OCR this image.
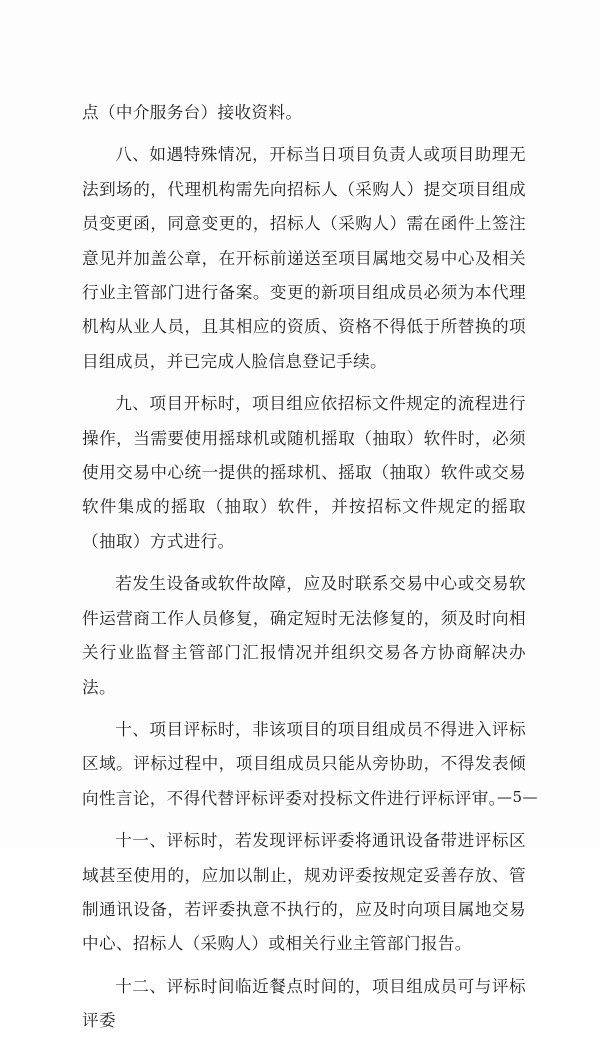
点（中介服务台）接收资料。

八、如遇特殊情况，开标当日项目负责人或项目助理无法到场的，代理机构需先向招标人（采购人）提交项目组成员变更函，同意变更的，招标人（采购人）需在函件上签注意见并加盖公章，在开标前递送至项目属地交易中心及相关行业主管部门进行备案。变更的新项目组成员必须为本代理机构从业人员，且其相应的资质、资格不得低于所替换的项目组成员，并已完成人脸信息登记手续。

九、项目开标时，项目组应依招标文件规定的流程进行操作，当需要使用摇球机或随机摇取（抽取）软件时，必须使用交易中心统一提供的摇球机、摇取（抽取）软件或交易软件集成的摇取（抽取）软件，并按招标文件规定的摇取（抽取）方式进行。

若发生设备或软件故障，应及时联系交易中心或交易软件运营商工作人员修复，确定短时无法修复的，须及时向相关行业监督主管部门汇报情况并组织交易各方协商解决办法。

十、项目评标时，非该项目的项目组成员不得进入评标区域。评标过程中，项目组成员只能从旁协助，不得发表倾向性言论，不得代替评标评委对投标文件进行评标评审。

十一、评标时，若发现评标评委将通讯设备带进评标区域甚至使用的，应加以制止，规劝评委按规定妥善存放、管制通讯设备，若评委执意不执行的，应及时向项目属地交易中心、招标人（采购人）或相关行业主管部门报告。

十二、评标时间临近餐点时间的，项目组成员可与评标评委

—5—
